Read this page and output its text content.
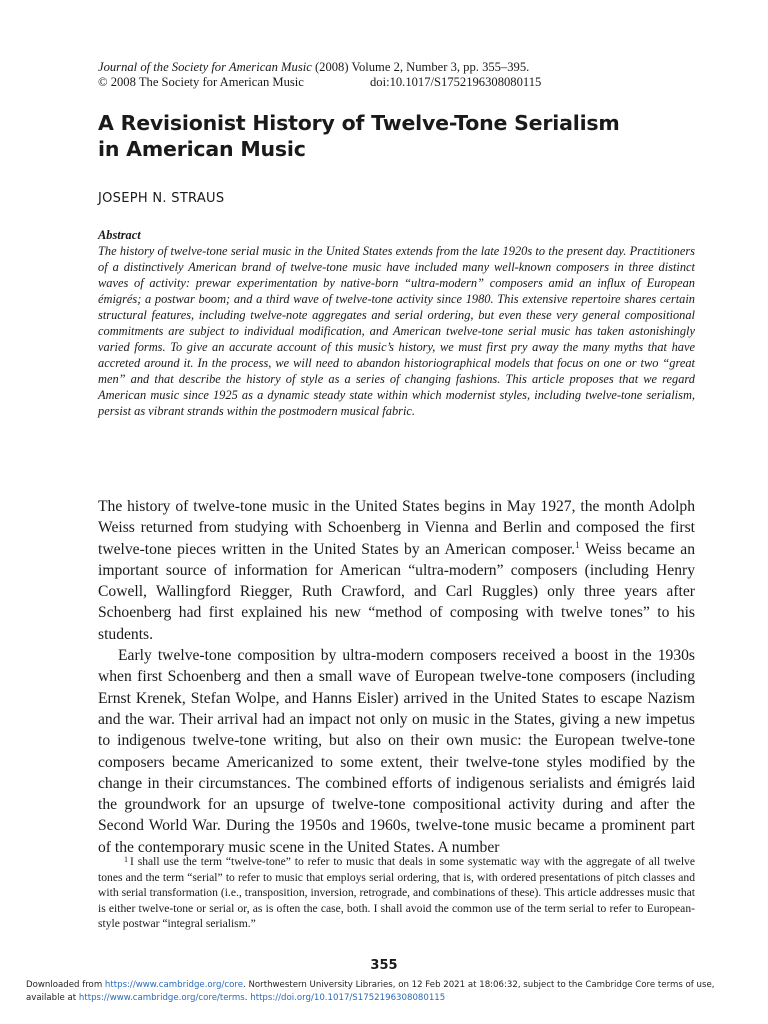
Journal of the Society for American Music (2008) Volume 2, Number 3, pp. 355–395.
© 2008 The Society for American Music	doi:10.1017/S1752196308080115
A Revisionist History of Twelve-Tone Serialism
in American Music
JOSEPH N. STRAUS
Abstract
The history of twelve-tone serial music in the United States extends from the late 1920s to the present day. Practitioners of a distinctively American brand of twelve-tone music have included many well-known composers in three distinct waves of activity: prewar experimentation by native-born “ultra-modern” composers amid an influx of European émigrés; a postwar boom; and a third wave of twelve-tone activity since 1980. This extensive repertoire shares certain structural features, including twelve-note aggregates and serial ordering, but even these very general compositional commitments are subject to individual modification, and American twelve-tone serial music has taken astonishingly varied forms. To give an accurate account of this music’s history, we must first pry away the many myths that have accreted around it. In the process, we will need to abandon historiographical models that focus on one or two “great men” and that describe the history of style as a series of changing fashions. This article proposes that we regard American music since 1925 as a dynamic steady state within which modernist styles, including twelve-tone serialism, persist as vibrant strands within the postmodern musical fabric.

The history of twelve-tone music in the United States begins in May 1927, the month Adolph Weiss returned from studying with Schoenberg in Vienna and Berlin and composed the first twelve-tone pieces written in the United States by an American composer.$^1$ Weiss became an important source of information for American “ultra-modern” composers (including Henry Cowell, Wallingford Riegger, Ruth Crawford, and Carl Ruggles) only three years after Schoenberg had first explained his new “method of composing with twelve tones” to his students.

Early twelve-tone composition by ultra-modern composers received a boost in the 1930s when first Schoenberg and then a small wave of European twelve-tone composers (including Ernst Krenek, Stefan Wolpe, and Hanns Eisler) arrived in the United States to escape Nazism and the war. Their arrival had an impact not only on music in the States, giving a new impetus to indigenous twelve-tone writing, but also on their own music: the European twelve-tone composers became Americanized to some extent, their twelve-tone styles modified by the change in their circumstances. The combined efforts of indigenous serialists and émigrés laid the groundwork for an upsurge of twelve-tone compositional activity during and after the Second World War. During the 1950s and 1960s, twelve-tone music became a prominent part of the contemporary music scene in the United States. A number

$^1$ I shall use the term “twelve-tone” to refer to music that deals in some systematic way with the aggregate of all twelve tones and the term “serial” to refer to music that employs serial ordering, that is, with ordered presentations of pitch classes and with serial transformation (i.e., transposition, inversion, retrograde, and combinations of these). This article addresses music that is either twelve-tone or serial or, as is often the case, both. I shall avoid the common use of the term serial to refer to European-style postwar “integral serialism.”
355
Downloaded from https://www.cambridge.org/core. Northwestern University Libraries, on 12 Feb 2021 at 18:06:32, subject to the Cambridge Core terms of use, available at https://www.cambridge.org/core/terms. https://doi.org/10.1017/S1752196308080115
